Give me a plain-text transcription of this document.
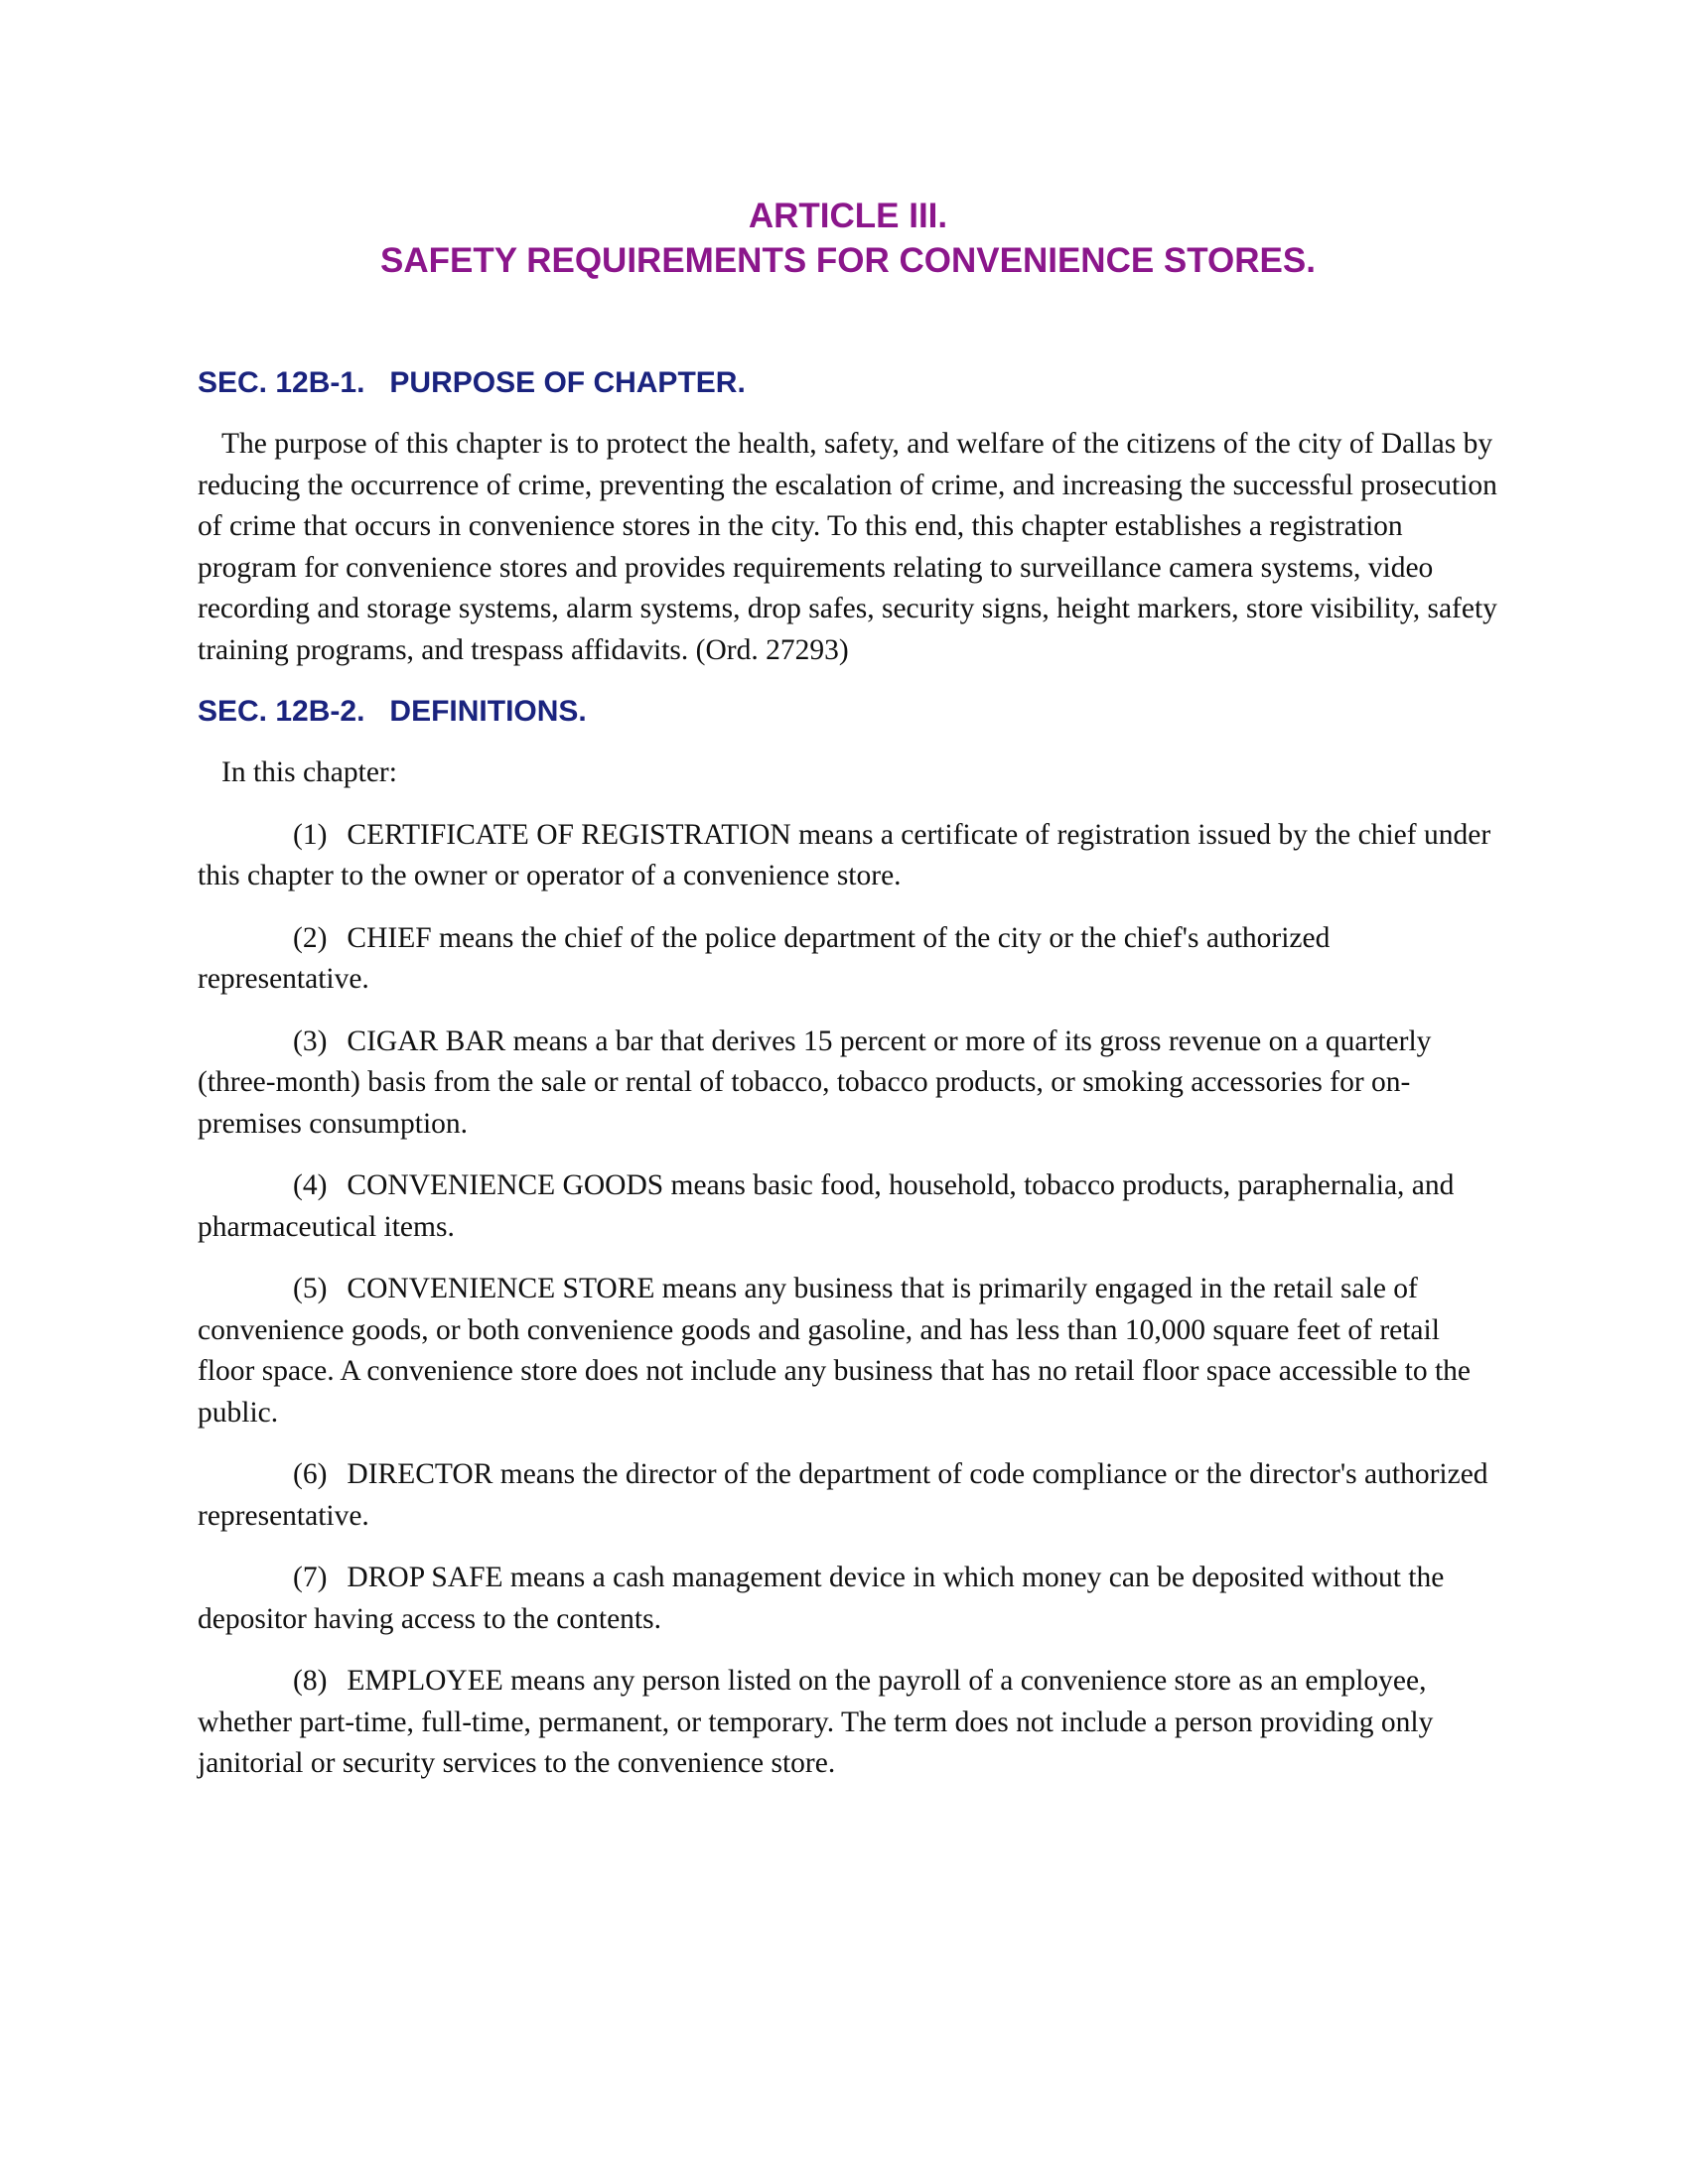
ARTICLE III.
SAFETY REQUIREMENTS FOR CONVENIENCE STORES.
SEC. 12B-1.   PURPOSE OF CHAPTER.

The purpose of this chapter is to protect the health, safety, and welfare of the citizens of the city of Dallas by reducing the occurrence of crime, preventing the escalation of crime, and increasing the successful prosecution of crime that occurs in convenience stores in the city. To this end, this chapter establishes a registration program for convenience stores and provides requirements relating to surveillance camera systems, video recording and storage systems, alarm systems, drop safes, security signs, height markers, store visibility, safety training programs, and trespass affidavits. (Ord. 27293)

SEC. 12B-2.   DEFINITIONS.

In this chapter:

(1) CERTIFICATE OF REGISTRATION means a certificate of registration issued by the chief under this chapter to the owner or operator of a convenience store.

(2) CHIEF means the chief of the police department of the city or the chief's authorized representative.

(3) CIGAR BAR means a bar that derives 15 percent or more of its gross revenue on a quarterly (three-month) basis from the sale or rental of tobacco, tobacco products, or smoking accessories for on-premises consumption.

(4) CONVENIENCE GOODS means basic food, household, tobacco products, paraphernalia, and pharmaceutical items.

(5) CONVENIENCE STORE means any business that is primarily engaged in the retail sale of convenience goods, or both convenience goods and gasoline, and has less than 10,000 square feet of retail floor space. A convenience store does not include any business that has no retail floor space accessible to the public.

(6) DIRECTOR means the director of the department of code compliance or the director's authorized representative.

(7) DROP SAFE means a cash management device in which money can be deposited without the depositor having access to the contents.

(8) EMPLOYEE means any person listed on the payroll of a convenience store as an employee, whether part-time, full-time, permanent, or temporary. The term does not include a person providing only janitorial or security services to the convenience store.
